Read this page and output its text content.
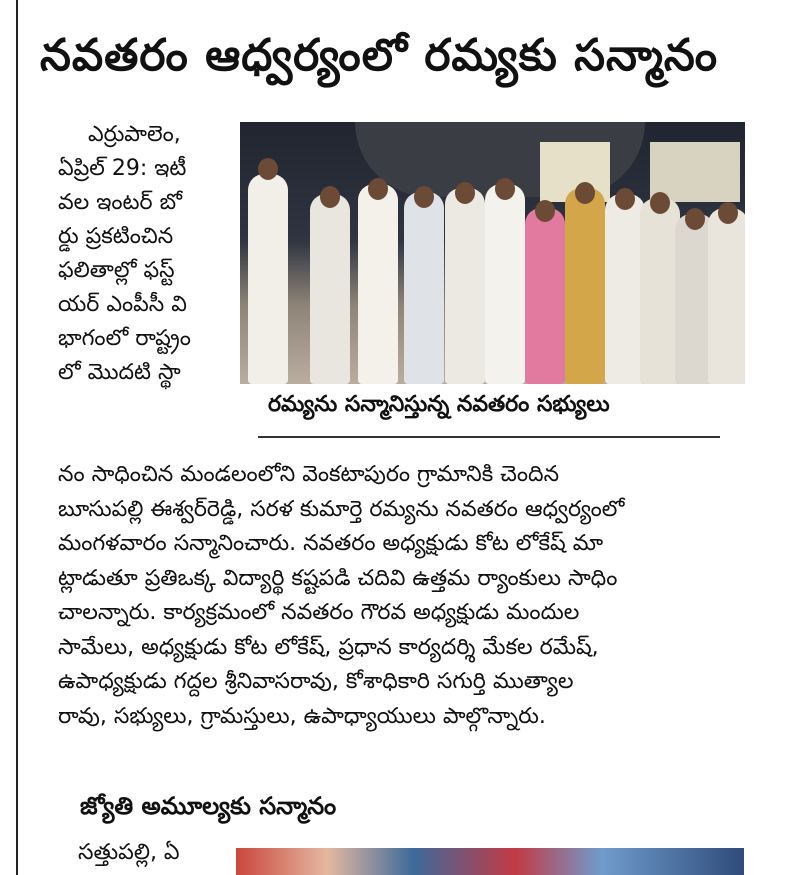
నవతరం ఆధ్వర్యంలో రమ్యకు సన్మానం
ఎర్రుపాలెం,
ఏప్రిల్ 29: ఇటీ
వల ఇంటర్ బో
ర్డు ప్రకటించిన
ఫలితాల్లో ఫస్ట్
యర్ ఎంపీసీ వి
భాగంలో రాష్ట్రం
లో మొదటి స్థా
రమ్యను సన్మానిస్తున్న నవతరం సభ్యులు
నం సాధించిన మండలంలోని వెంకటాపురం గ్రామానికి చెందిన
బూసుపల్లి ఈశ్వర్‌రెడ్డి, సరళ కుమార్తె రమ్యను నవతరం ఆధ్వర్యంలో
మంగళవారం సన్మానించారు. నవతరం అధ్యక్షుడు కోట లోకేష్ మా
ట్లాడుతూ ప్రతిఒక్క విద్యార్థి కష్టపడి చదివి ఉత్తమ ర్యాంకులు సాధిం
చాలన్నారు. కార్యక్రమంలో నవతరం గౌరవ అధ్యక్షుడు మందుల
సామేలు, అధ్యక్షుడు కోట లోకేష్, ప్రధాన కార్యదర్శి మేకల రమేష్,
ఉపాధ్యక్షుడు గద్దల శ్రీనివాసరావు, కోశాధికారి సగుర్తి ముత్యాల
రావు, సభ్యులు, గ్రామస్తులు, ఉపాధ్యాయులు పాల్గొన్నారు.
జ్యోతి అమూల్యకు సన్మానం
సత్తుపల్లి, ఏ
